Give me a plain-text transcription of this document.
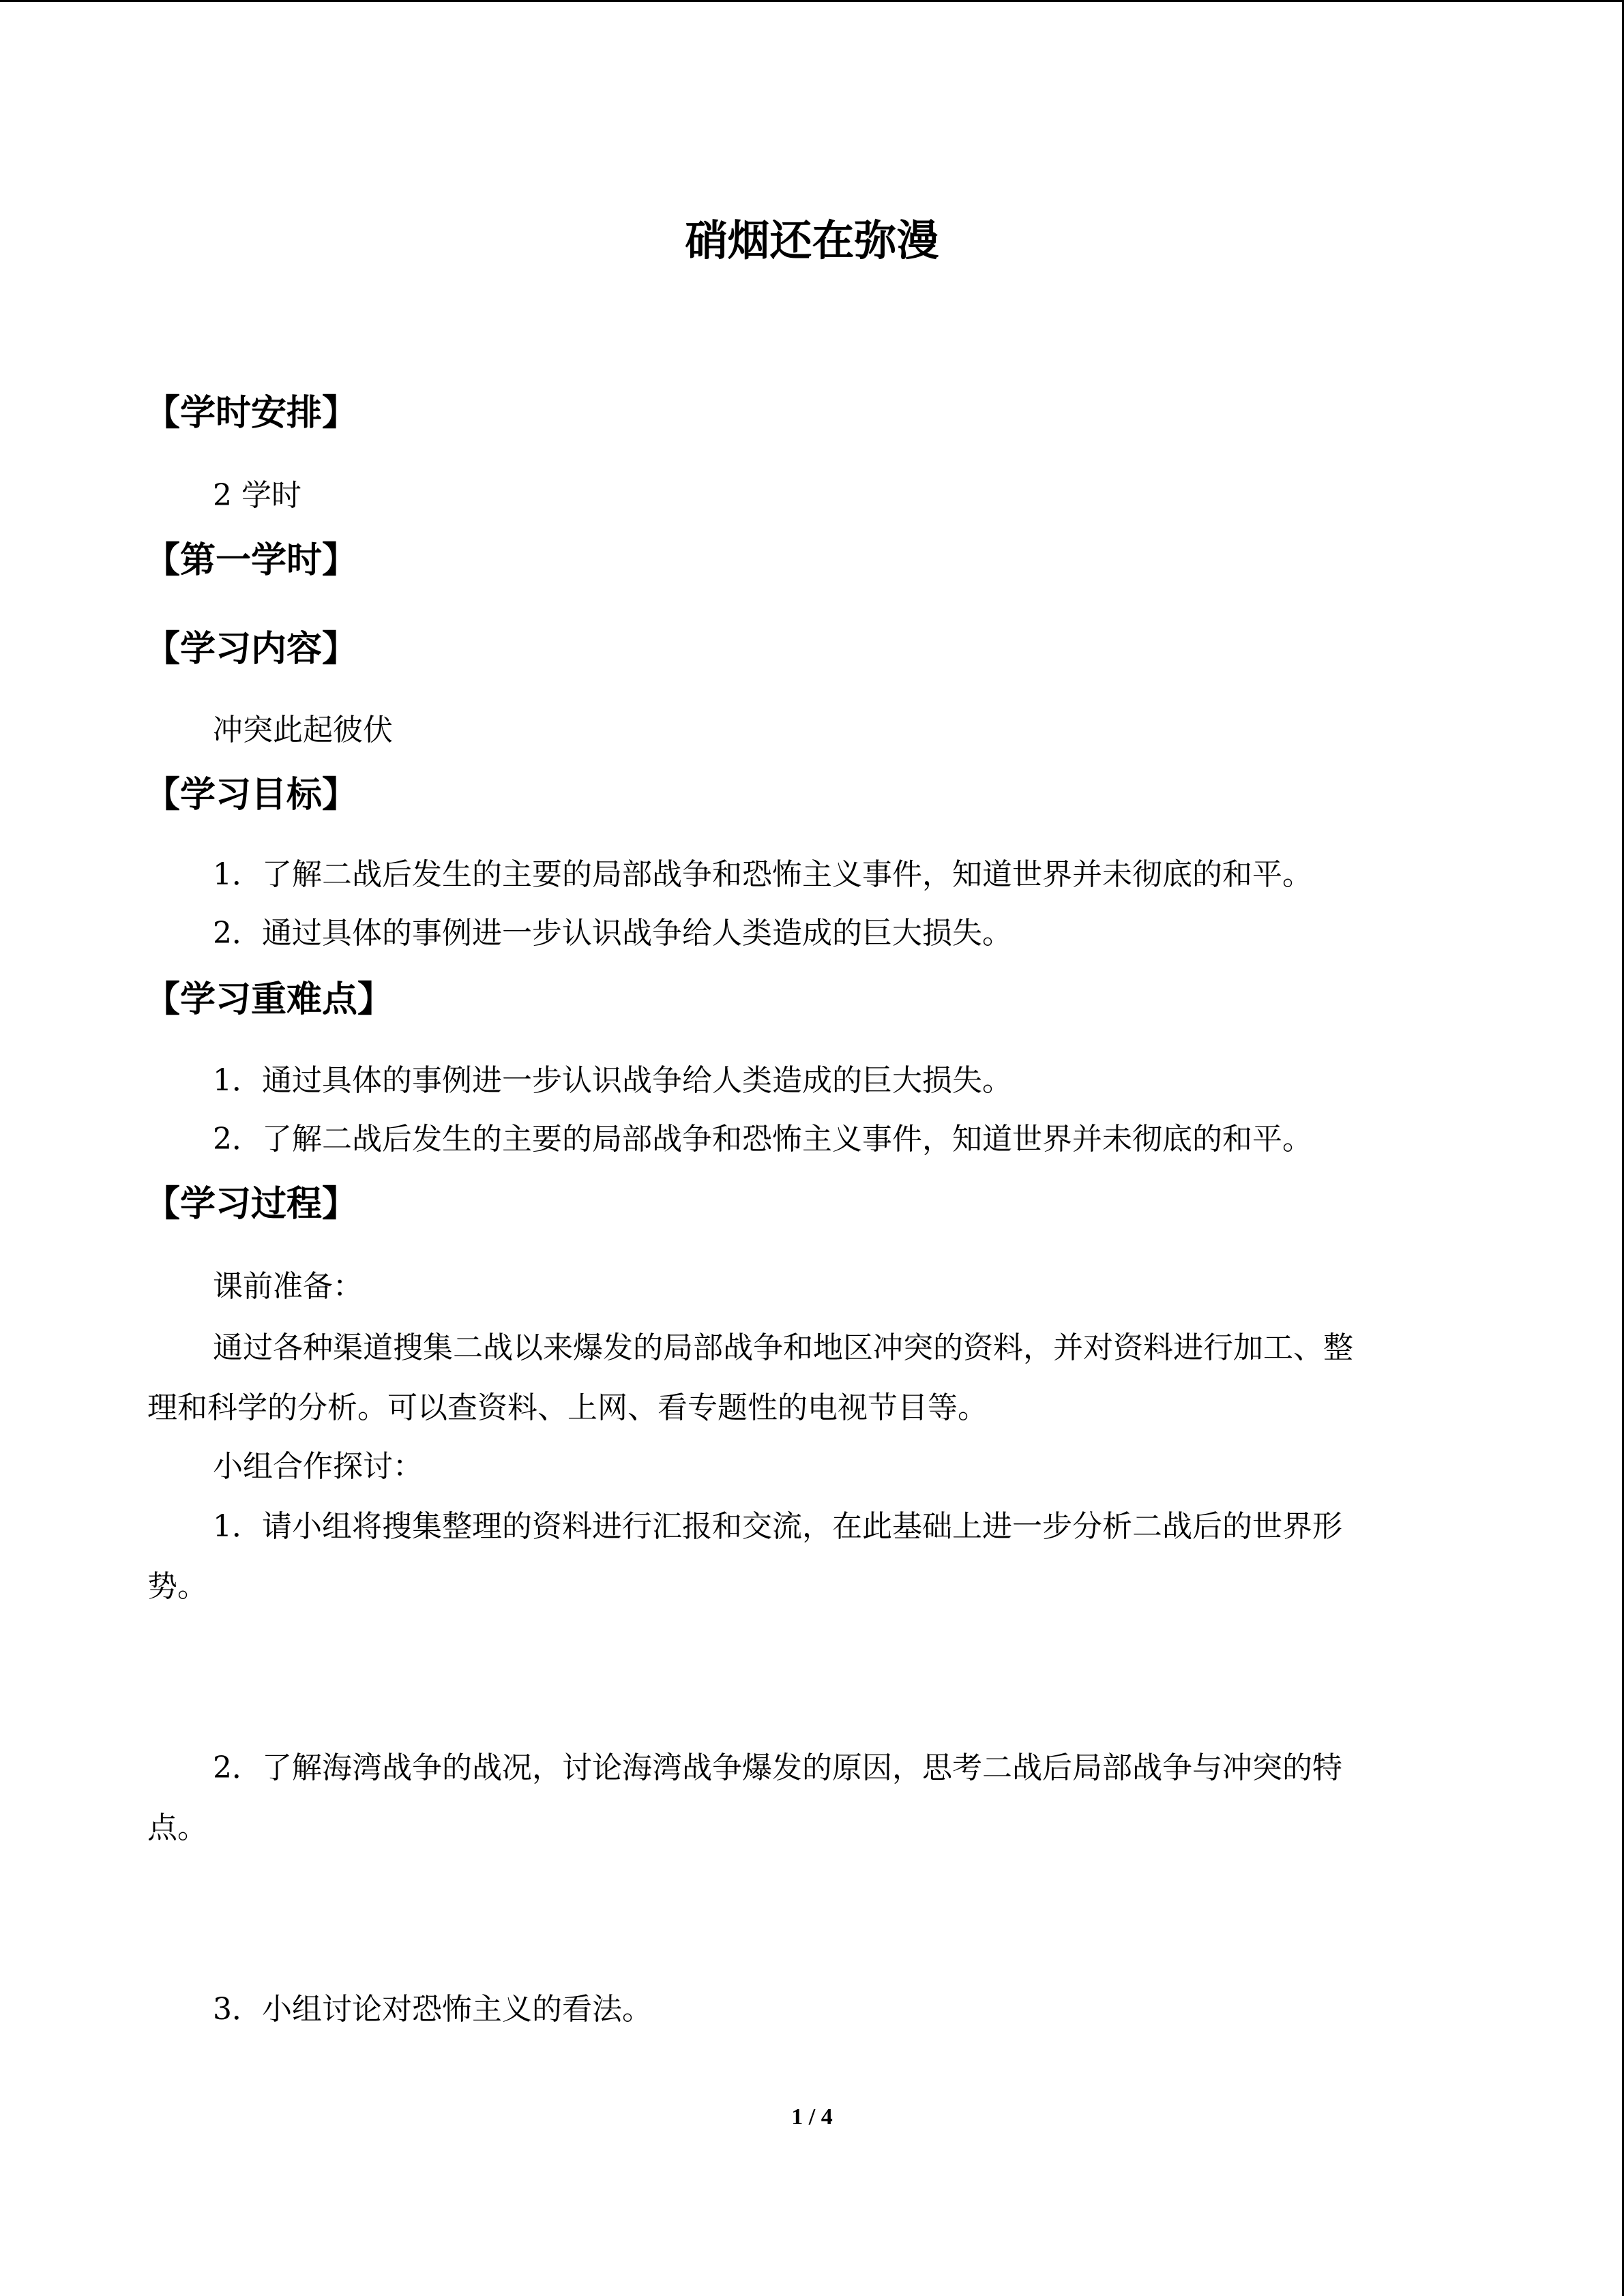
硝烟还在弥漫
【学时安排】
2 学时
【第一学时】
【学习内容】
冲突此起彼伏
【学习目标】
1．了解二战后发生的主要的局部战争和恐怖主义事件，知道世界并未彻底的和平。
2．通过具体的事例进一步认识战争给人类造成的巨大损失。
【学习重难点】
1．通过具体的事例进一步认识战争给人类造成的巨大损失。
2．了解二战后发生的主要的局部战争和恐怖主义事件，知道世界并未彻底的和平。
【学习过程】
课前准备：
通过各种渠道搜集二战以来爆发的局部战争和地区冲突的资料，并对资料进行加工、整
理和科学的分析。可以查资料、上网、看专题性的电视节目等。
小组合作探讨：
1．请小组将搜集整理的资料进行汇报和交流，在此基础上进一步分析二战后的世界形
势。
2．了解海湾战争的战况，讨论海湾战争爆发的原因，思考二战后局部战争与冲突的特
点。
3．小组讨论对恐怖主义的看法。
1 / 4
